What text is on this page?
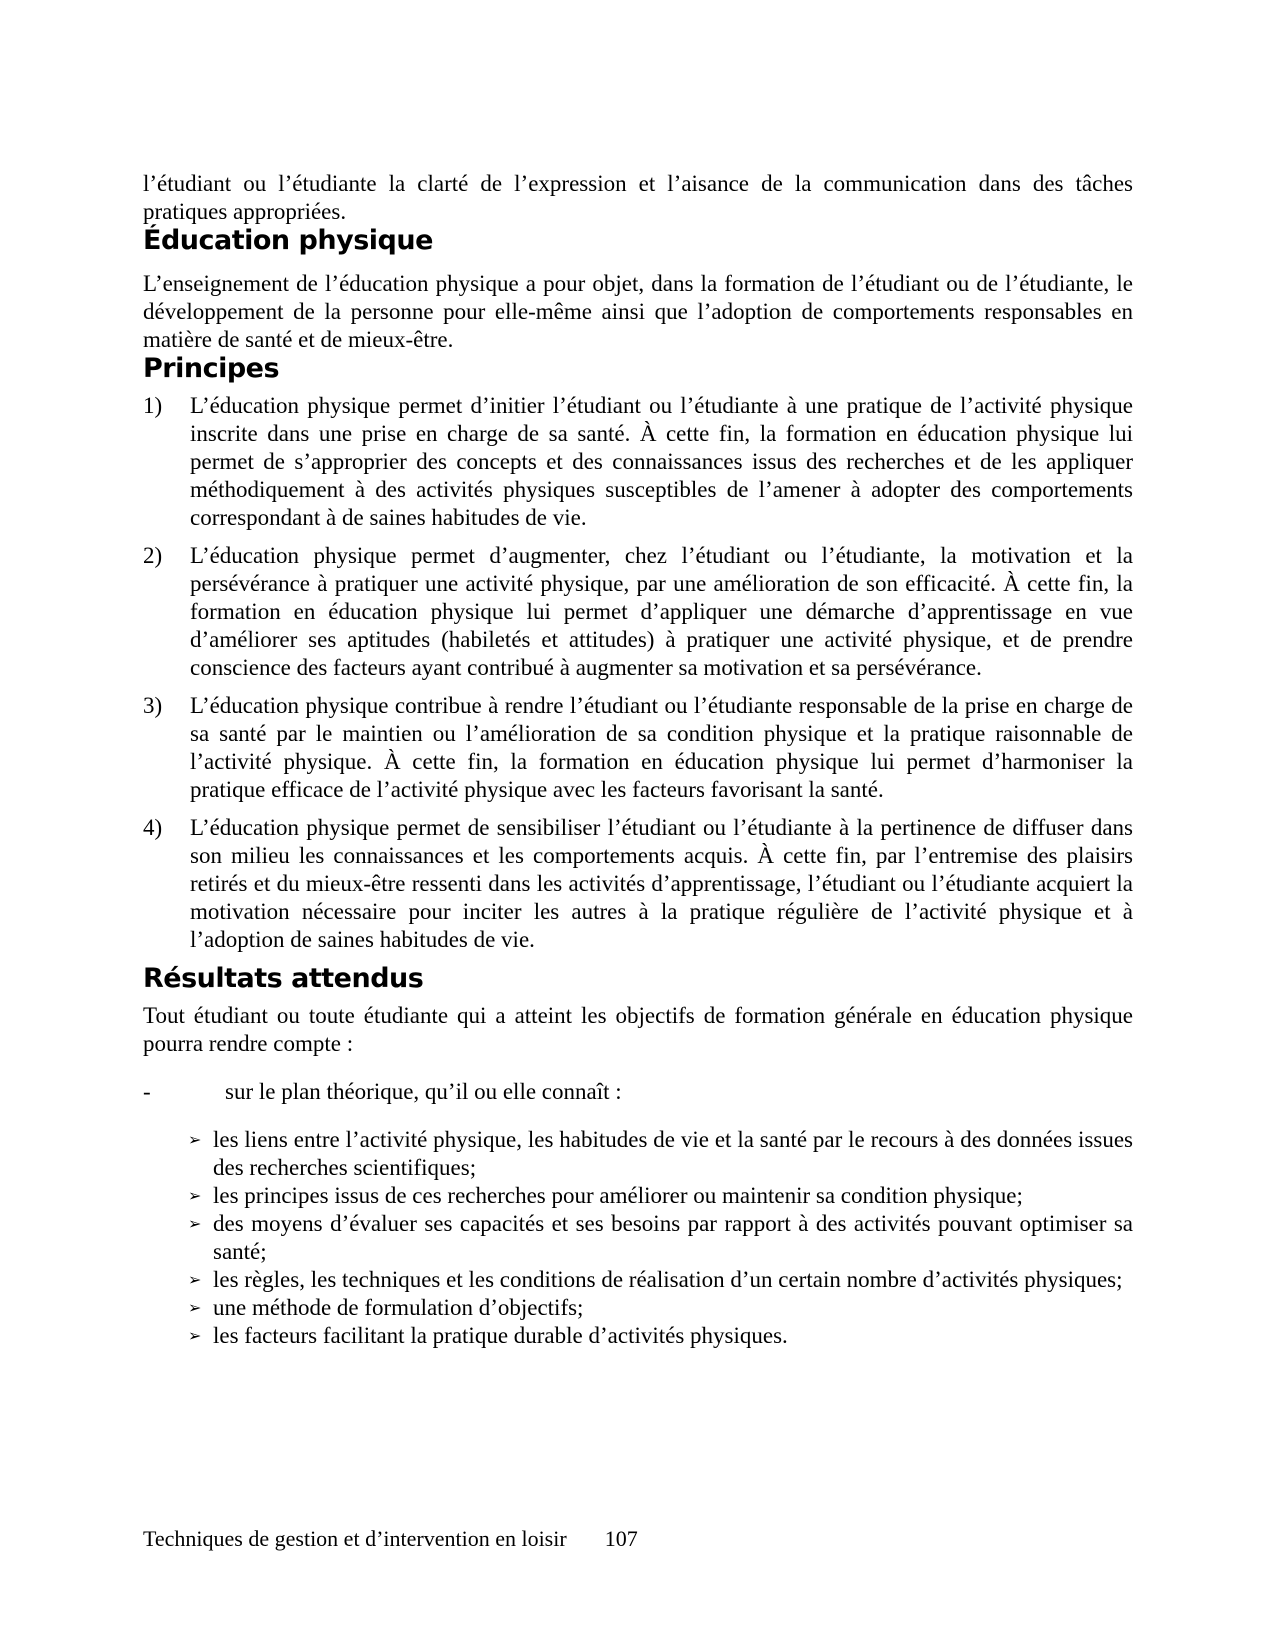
l’étudiant ou l’étudiante la clarté de l’expression et l’aisance de la communication dans des tâches pratiques appropriées.

Éducation physique

L’enseignement de l’éducation physique a pour objet, dans la formation de l’étudiant ou de l’étudiante, le développement de la personne pour elle-même ainsi que l’adoption de comportements responsables en matière de santé et de mieux-être.

Principes
1)	L’éducation physique permet d’initier l’étudiant ou l’étudiante à une pratique de l’activité physique inscrite dans une prise en charge de sa santé. À cette fin, la formation en éducation physique lui permet de s’approprier des concepts et des connaissances issus des recherches et de les appliquer méthodiquement à des activités physiques susceptibles de l’amener à adopter des comportements correspondant à de saines habitudes de vie.

2)	L’éducation physique permet d’augmenter, chez l’étudiant ou l’étudiante, la motivation et la persévérance à pratiquer une activité physique, par une amélioration de son efficacité. À cette fin, la formation en éducation physique lui permet d’appliquer une démarche d’apprentissage en vue d’améliorer ses aptitudes (habiletés et attitudes) à pratiquer une activité physique, et de prendre conscience des facteurs ayant contribué à augmenter sa motivation et sa persévérance.

3)	L’éducation physique contribue à rendre l’étudiant ou l’étudiante responsable de la prise en charge de sa santé par le maintien ou l’amélioration de sa condition physique et la pratique raisonnable de l’activité physique. À cette fin, la formation en éducation physique lui permet d’harmoniser la pratique efficace de l’activité physique avec les facteurs favorisant la santé.

4)	L’éducation physique permet de sensibiliser l’étudiant ou l’étudiante à la pertinence de diffuser dans son milieu les connaissances et les comportements acquis. À cette fin, par l’entremise des plaisirs retirés et du mieux-être ressenti dans les activités d’apprentissage, l’étudiant ou l’étudiante acquiert la motivation nécessaire pour inciter les autres à la pratique régulière de l’activité physique et à l’adoption de saines habitudes de vie.

Résultats attendus

Tout étudiant ou toute étudiante qui a atteint les objectifs de formation générale en éducation physique pourra rendre compte :

-	sur le plan théorique, qu’il ou elle connaît :

➢ les liens entre l’activité physique, les habitudes de vie et la santé par le recours à des données issues des recherches scientifiques;

➢ les principes issus de ces recherches pour améliorer ou maintenir sa condition physique;

➢ des moyens d’évaluer ses capacités et ses besoins par rapport à des activités pouvant optimiser sa santé;

➢ les règles, les techniques et les conditions de réalisation d’un certain nombre d’activités physiques;

➢ une méthode de formulation d’objectifs;

➢ les facteurs facilitant la pratique durable d’activités physiques.

Techniques de gestion et d’intervention en loisir 107
